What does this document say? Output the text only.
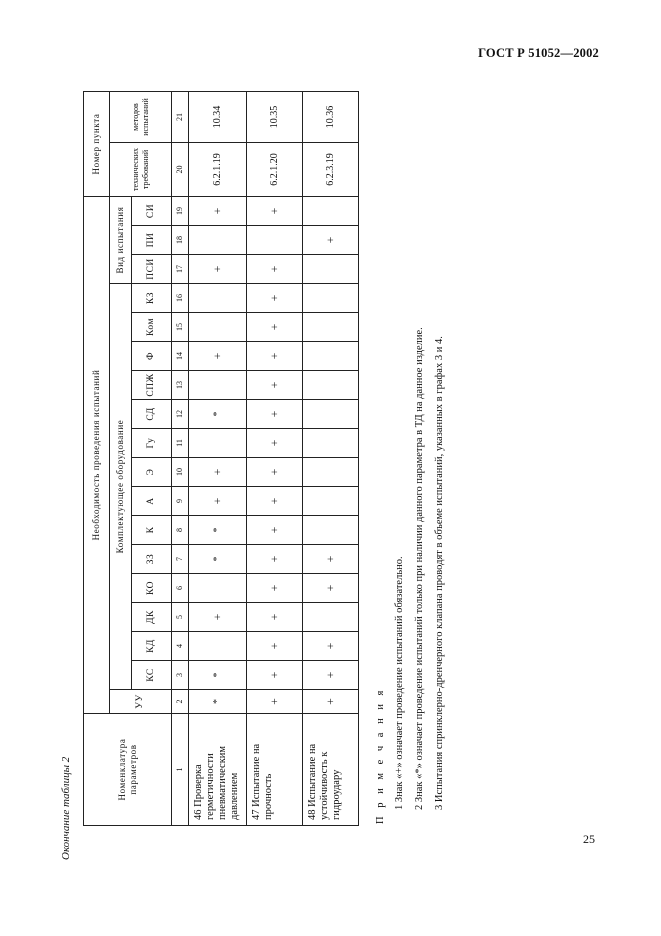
ГОСТ Р 51052—2002
Окончание таблицы 2	Номенклатура параметров	Необходимость проведения испытаний																		Номер пункта	
	УУ	Комплектующее оборудование														Вид испытания			технических требований	методов испытаний
		КС	КД	ДК	КО	ЗЗ	К	А	Э	Гу	СД	СПЖ	Ф	Ком	КЗ	ПСИ	ПИ	СИ		
1	2	3	4	5	6	7	8	9	10	11	12	13	14	15	16	17	18	19	20	21
46 Проверка герметичности пневматическим давлением	*	*		+		*	*	+	+		*		+			+		+	6.2.1.19	10.34
47 Испытание на прочность	+	+	+	+	+	+	+	+	+	+	+	+	+	+	+	+		+	6.2.1.20	10.35
48 Испытание на устойчивость к гидроудару	+	+	+		+	+											+		6.2.3.19	10.36
П р и м е ч а н и я 1 Знак «+» означает проведение испытаний обязательно. 2 Знак «*» означает проведение испытаний только при наличии данного параметра в ТД на данное изделие. 3 Испытания спринклерно-дренчерного клапана проводят в объеме испытаний, указанных в графах 3 и 4.
25
